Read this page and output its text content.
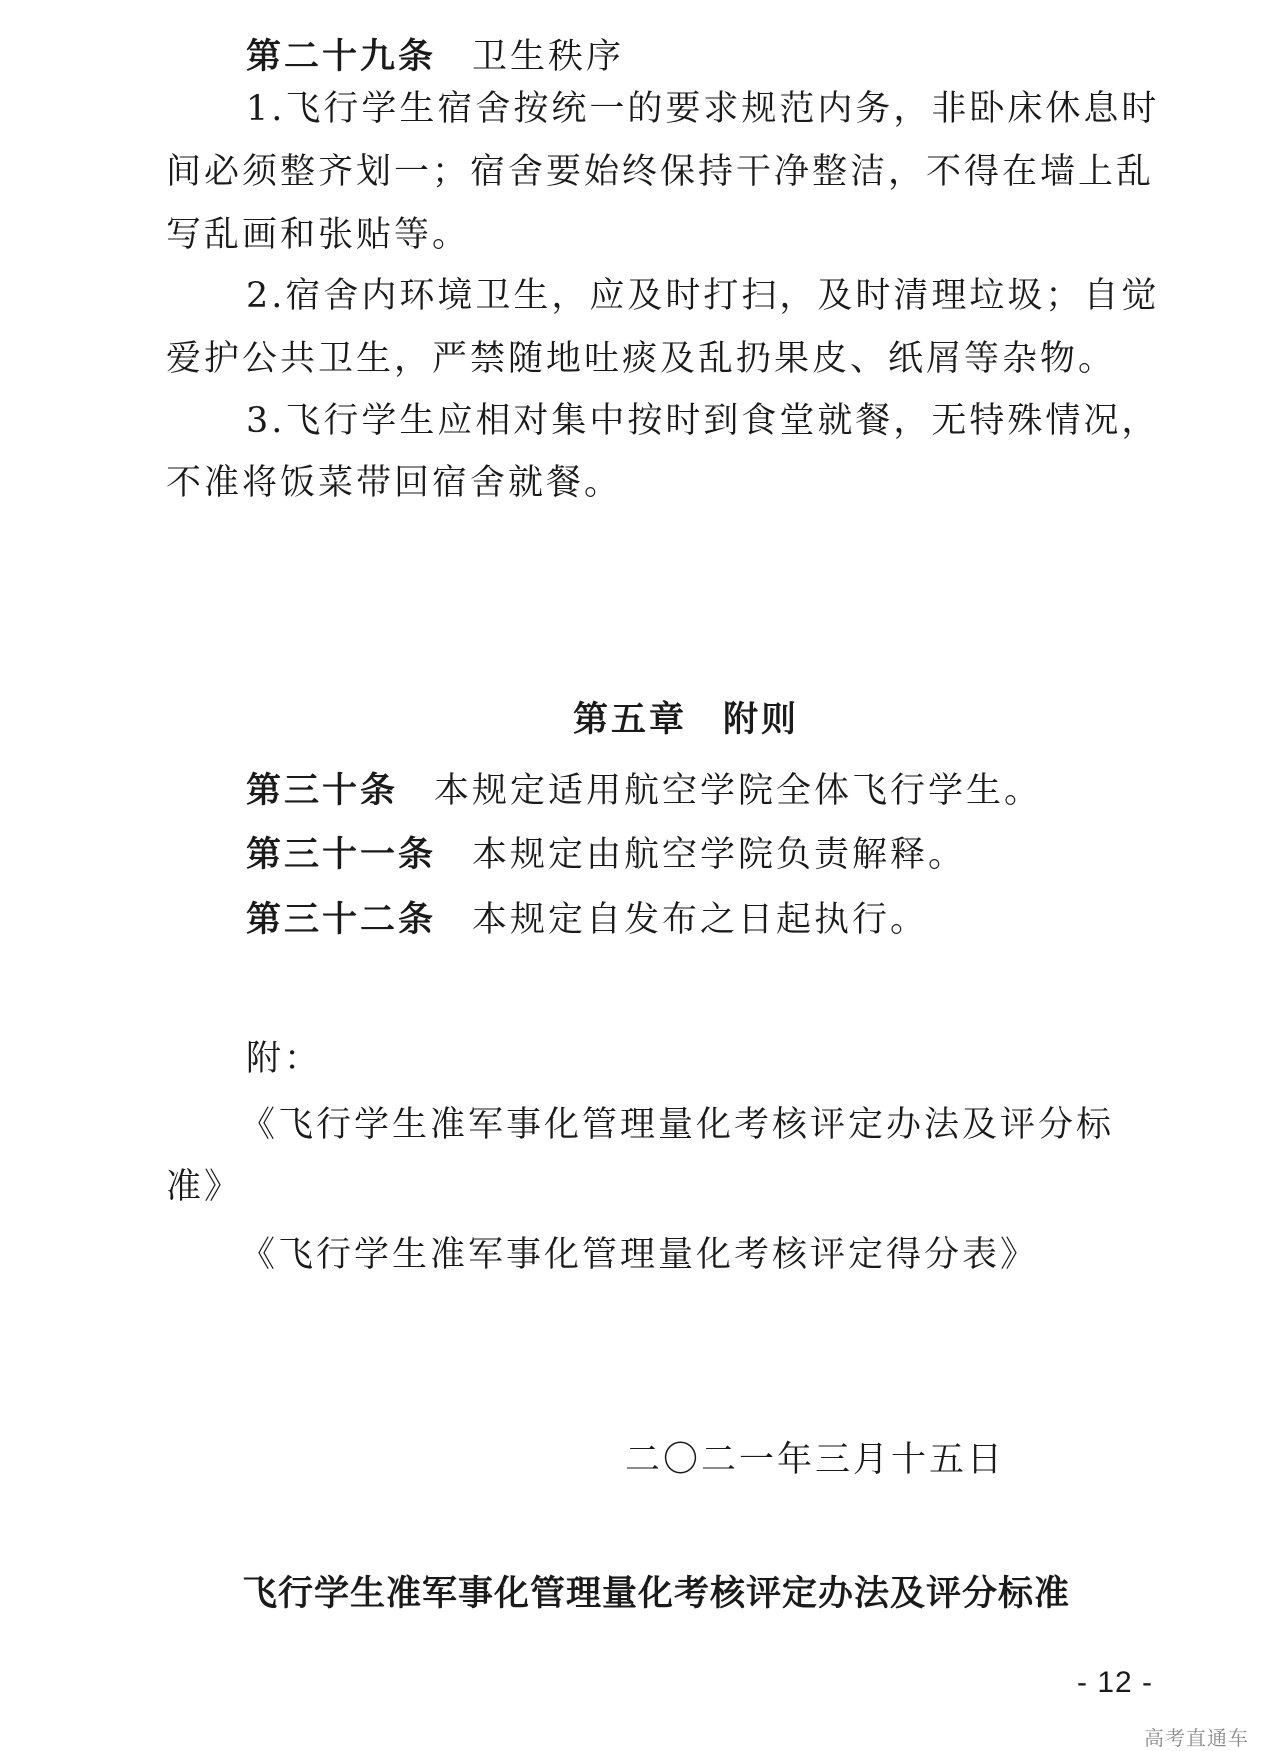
第二十九条 卫生秩序
1.飞行学生宿舍按统一的要求规范内务，非卧床休息时
间必须整齐划一；宿舍要始终保持干净整洁，不得在墙上乱
写乱画和张贴等。
2.宿舍内环境卫生，应及时打扫，及时清理垃圾；自觉
爱护公共卫生，严禁随地吐痰及乱扔果皮、纸屑等杂物。
3.飞行学生应相对集中按时到食堂就餐，无特殊情况，
不准将饭菜带回宿舍就餐。
第五章 附则
第三十条 本规定适用航空学院全体飞行学生。
第三十一条 本规定由航空学院负责解释。
第三十二条 本规定自发布之日起执行。
附：
《飞行学生准军事化管理量化考核评定办法及评分标
准》
《飞行学生准军事化管理量化考核评定得分表》
二〇二一年三月十五日
飞行学生准军事化管理量化考核评定办法及评分标准
- 12 -
高考直通车
